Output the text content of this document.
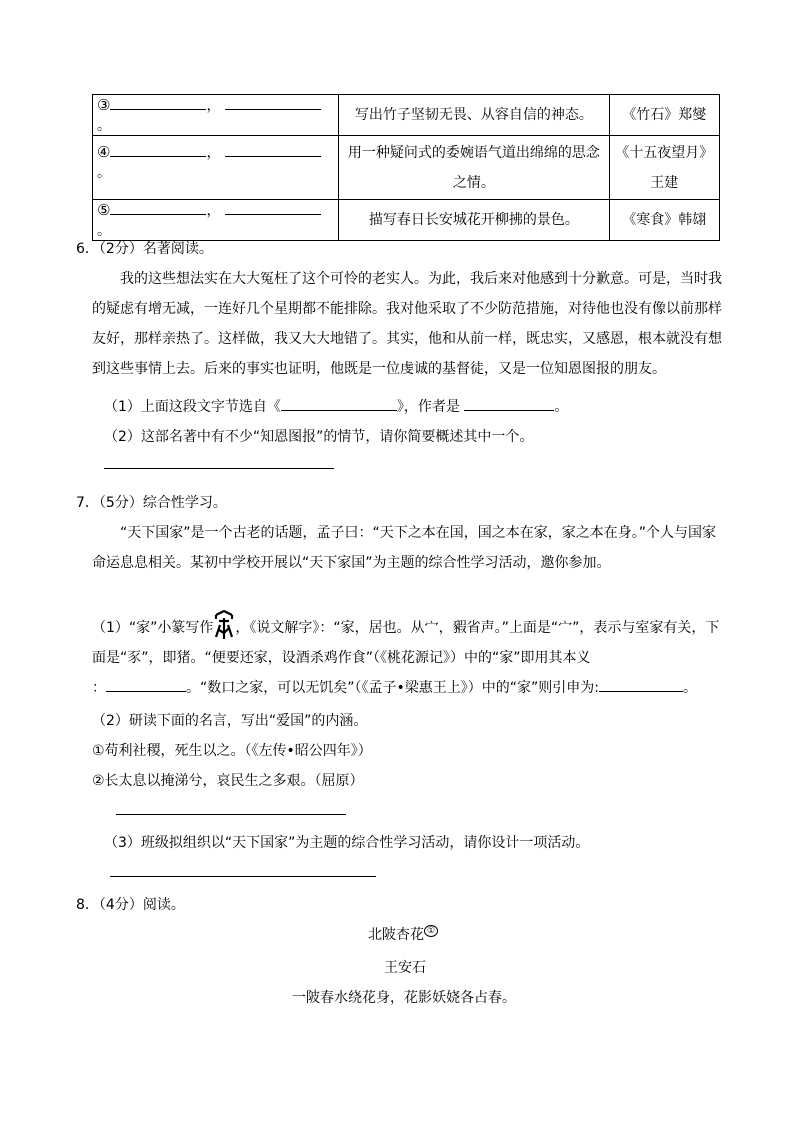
③ ， 。	写出竹子坚韧无畏、从容自信的神态。	《竹石》郑燮
④ ， 。	用一种疑问式的委婉语气道出绵绵的思念之情。	《十五夜望月》王建
⑤ ， 。	描写春日长安城花开柳拂的景色。	《寒食》韩翃
6．（2分）名著阅读。
我的这些想法实在大大冤枉了这个可怜的老实人。为此，我后来对他感到十分歉意。可是，当时我的疑虑有增无减，一连好几个星期都不能排除。我对他采取了不少防范措施，对待他也没有像以前那样友好，那样亲热了。这样做，我又大大地错了。其实，他和从前一样，既忠实，又感恩，根本就没有想到这些事情上去。后来的事实也证明，他既是一位虔诚的基督徒，又是一位知恩图报的朋友。
（1）上面这段文字节选自《	》，作者是	。
（2）这部名著中有不少“知恩图报”的情节，请你简要概述其中一个。
7．（5分）综合性学习。
“天下国家”是一个古老的话题，孟子曰：“天下之本在国，国之本在家，家之本在身。”个人与国家命运息息相关。某初中学校开展以“天下家国”为主题的综合性学习活动，邀你参加。
（1）“家”小篆写作 ，《说文解字》：“家，居也。从宀，豭省声。”上面是“宀”，表示与室家有关，下面是“豕”，即猪。“便要还家，设酒杀鸡作食”（《桃花源记》）中的“家”即用其本义
：	。“数口之家，可以无饥矣”（《孟子•梁惠王上》）中的“家”则引申为:	。
（2）研读下面的名言，写出“爱国”的内涵。
①苟利社稷，死生以之。（《左传•昭公四年》）
②长太息以掩涕兮，哀民生之多艰。（屈原）
（3）班级拟组织以“天下国家”为主题的综合性学习活动，请你设计一项活动。
8．（4分）阅读。
北陂杏花 ①
王安石
一陂春水绕花身，花影妖娆各占春。
